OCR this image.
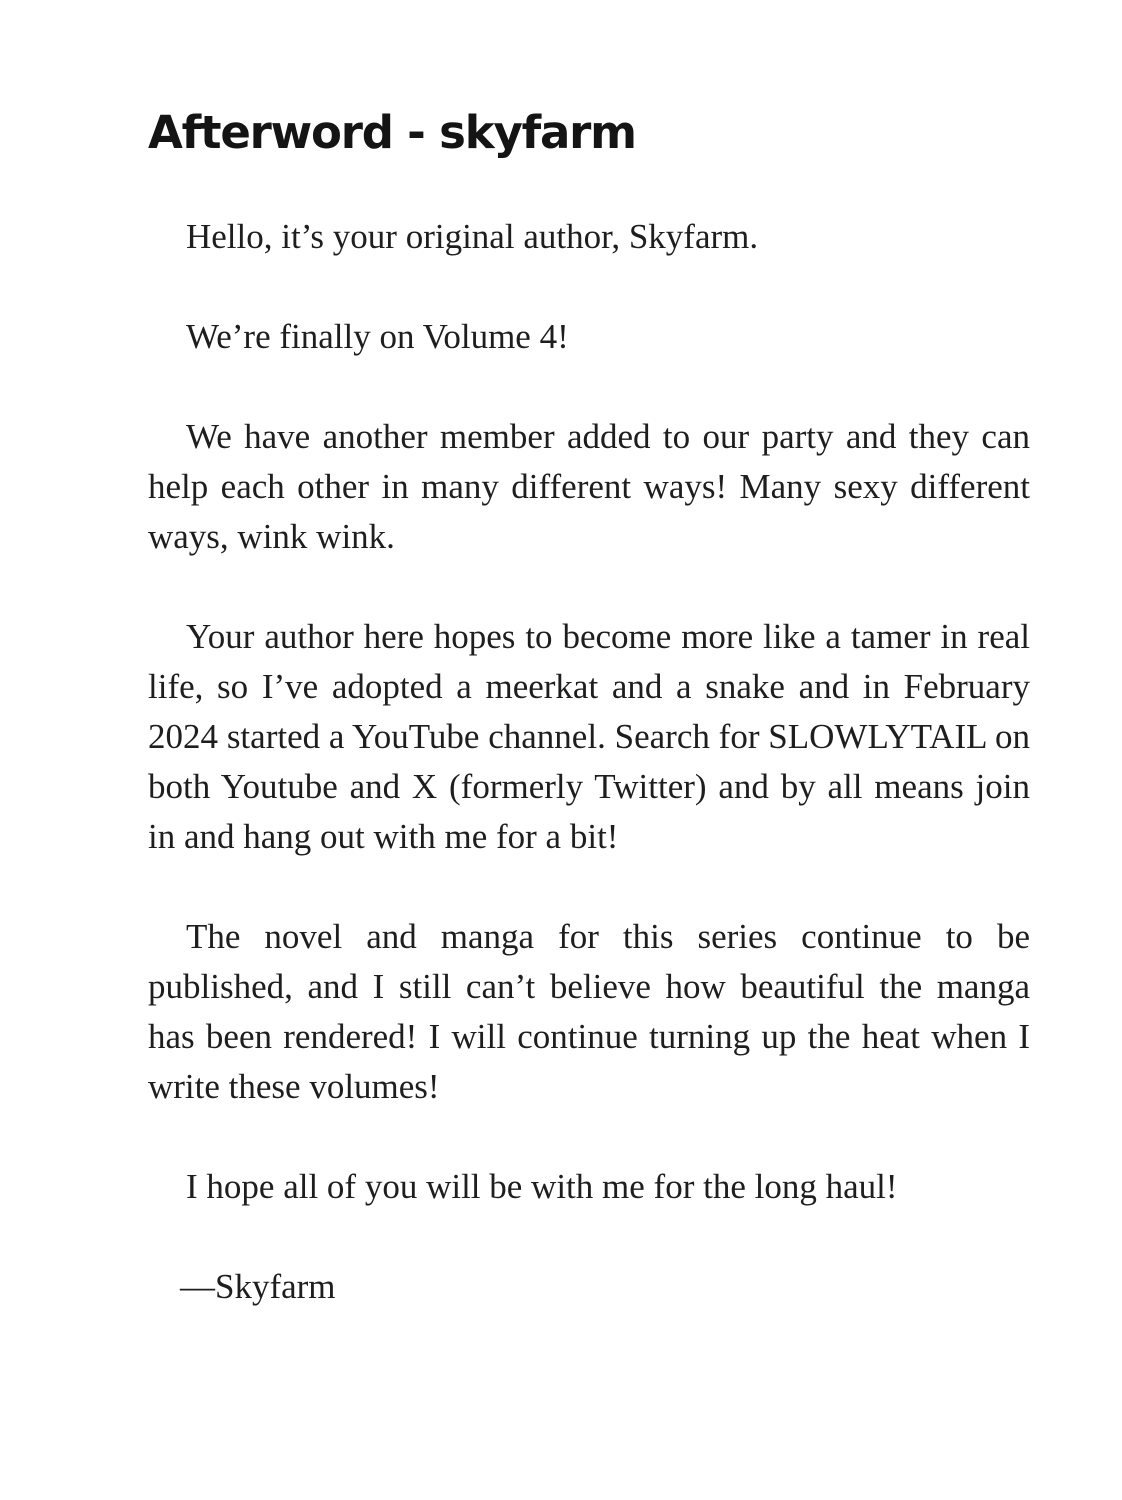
Afterword - skyfarm

Hello, it’s your original author, Skyfarm.

We’re finally on Volume 4!

We have another member added to our party and they can help each other in many different ways! Many sexy different ways, wink wink.

Your author here hopes to become more like a tamer in real life, so I’ve adopted a meerkat and a snake and in February 2024 started a YouTube channel. Search for SLOWLYTAIL on both Youtube and X (formerly Twitter) and by all means join in and hang out with me for a bit!

The novel and manga for this series continue to be published, and I still can’t believe how beautiful the manga has been rendered! I will continue turning up the heat when I write these volumes!

I hope all of you will be with me for the long haul!

—Skyfarm
